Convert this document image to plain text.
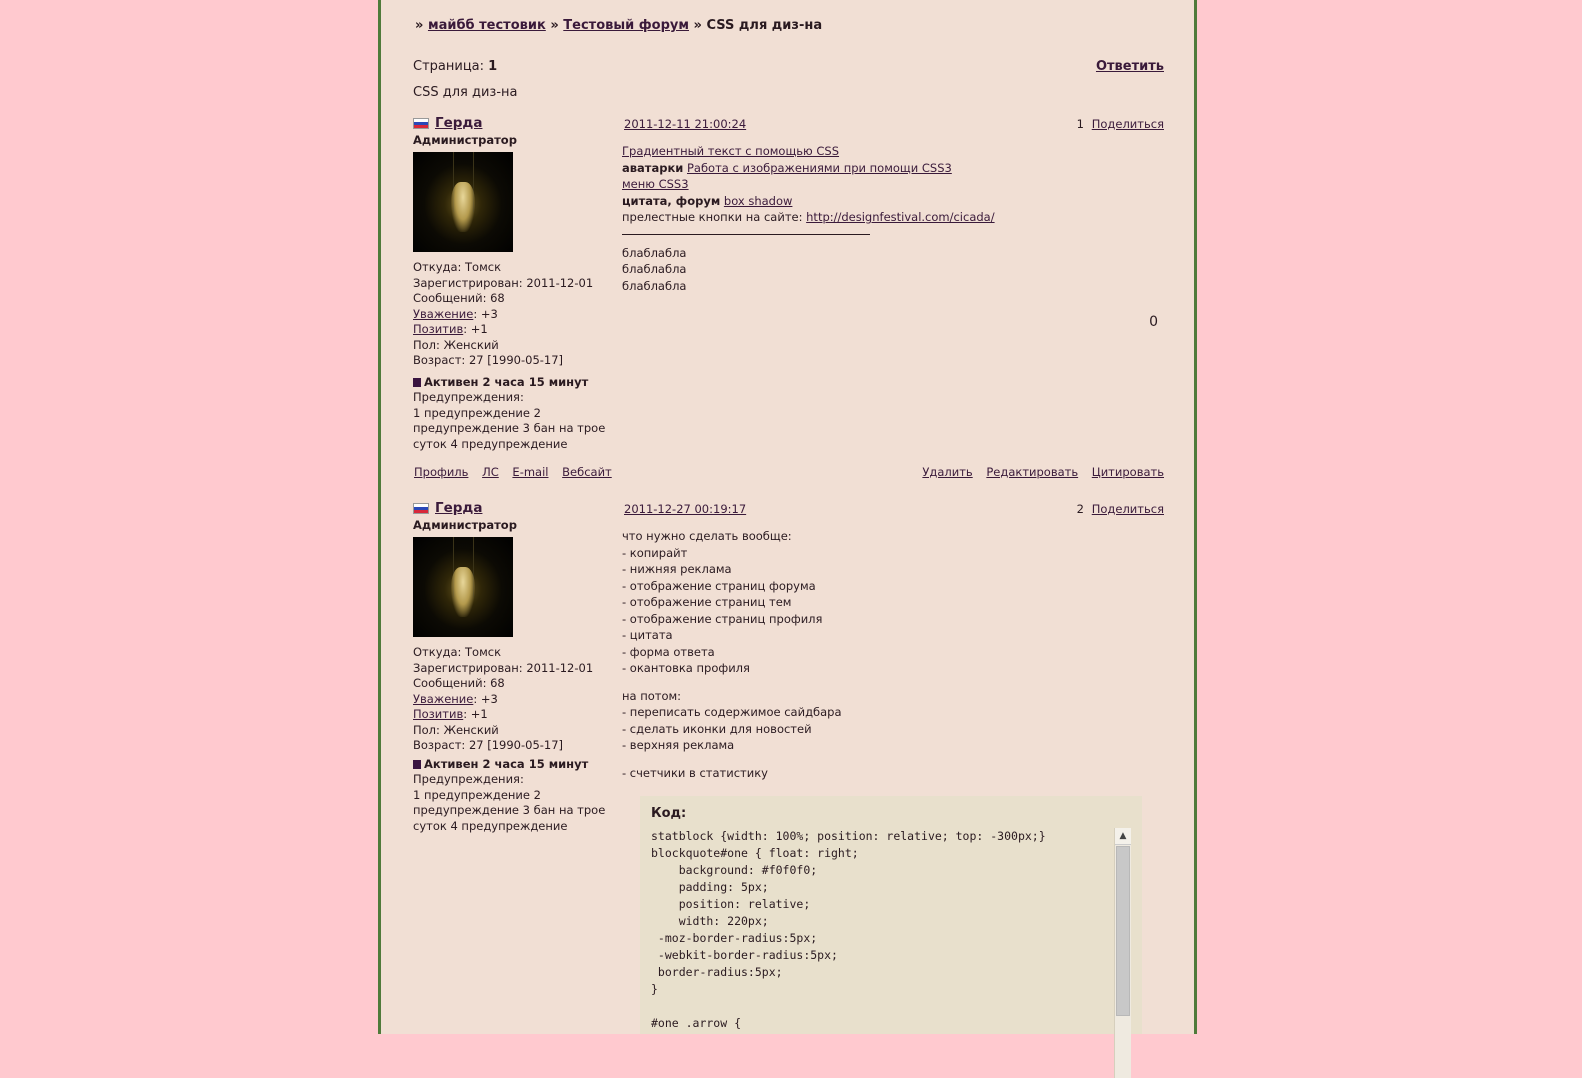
» майбб тестовик » Тестовый форум » CSS для диз-на
Страница: 1	Ответить
CSS для диз-на
Герда
Администратор
Откуда: Томск
Зарегистрирован: 2011-12-01
Сообщений: 68
Уважение: +3
Позитив: +1
Пол: Женский
Возраст: 27 [1990-05-17]
Активен 2 часа 15 минут
Предупреждения:
1 предупреждение 2 предупреждение 3 бан на трое суток 4 предупреждение
2011-12-11 21:00:24	1 Поделиться

Градиентный текст с помощью CSS

аватарки Работа с изображениями при помощи CSS3

меню CSS3

цитата, форум box shadow

прелестные кнопки на сайте: http://designfestival.com/cicada/

блаблабла

блаблабла

блаблабла

0
Профиль ЛС E-mail Вебсайт	Удалить Редактировать Цитировать
Герда
Администратор
Откуда: Томск
Зарегистрирован: 2011-12-01
Сообщений: 68
Уважение: +3
Позитив: +1
Пол: Женский
Возраст: 27 [1990-05-17]
Активен 2 часа 15 минут
Предупреждения:
1 предупреждение 2 предупреждение 3 бан на трое суток 4 предупреждение
2011-12-27 00:19:17	2 Поделиться

что нужно сделать вообще:

- копирайт

- нижняя реклама

- отображение страниц форума

- отображение страниц тем

- отображение страниц профиля

- цитата

- форма ответа

- окантовка профиля

на потом:

- переписать содержимое сайдбара

- сделать иконки для новостей

- верхняя реклама

- счетчики в статистику

Код:
statblock {width: 100%; position: relative; top: -300px;}
blockquote#one { float: right;
background: #f0f0f0;
padding: 5px;
position: relative;
width: 220px;
-moz-border-radius:5px;
-webkit-border-radius:5px;
border-radius:5px;
}

#one .arrow {
▲
